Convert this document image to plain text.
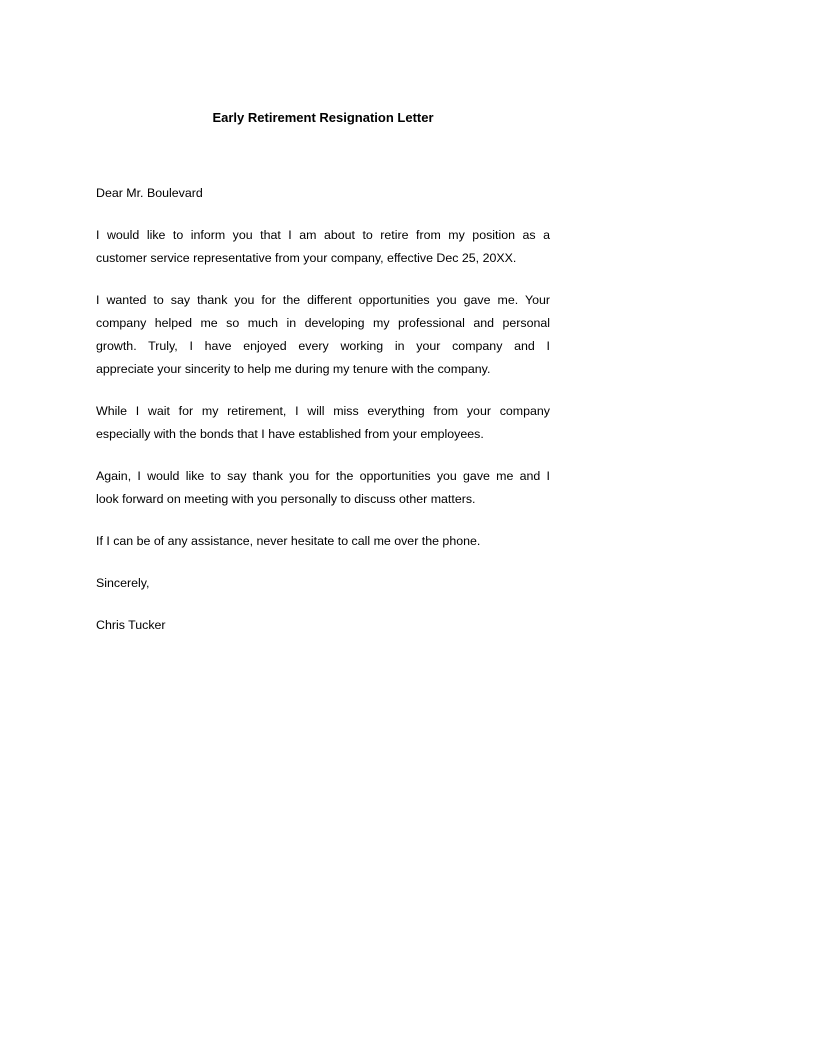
Early Retirement Resignation Letter
Dear Mr. Boulevard
I would like to inform you that I am about to retire from my position as a
customer service representative from your company, effective Dec 25, 20XX.
I wanted to say thank you for the different opportunities you gave me. Your
company helped me so much in developing my professional and personal
growth. Truly, I have enjoyed every working in your company and I
appreciate your sincerity to help me during my tenure with the company.
While I wait for my retirement, I will miss everything from your company
especially with the bonds that I have established from your employees.
Again, I would like to say thank you for the opportunities you gave me and I
look forward on meeting with you personally to discuss other matters.
If I can be of any assistance, never hesitate to call me over the phone.
Sincerely,
Chris Tucker
